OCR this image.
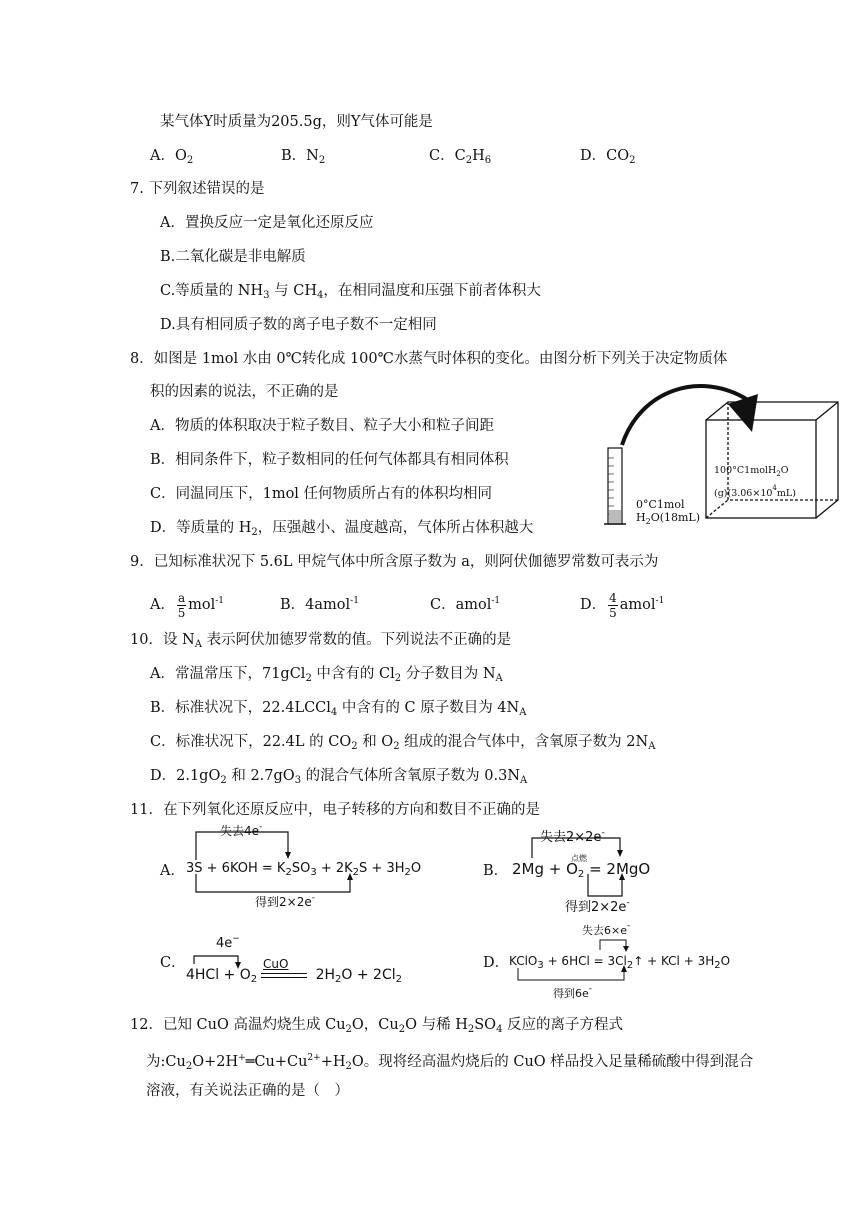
某气体Y时质量为205.5g，则Y气体可能是
A．$O_2$	B．$N_2$	C．$C_2H_6$	D．$CO_2$
7. 下列叙述错误的是
A．置换反应一定是氧化还原反应
B.二氧化碳是非电解质
C.等质量的 $NH_3$ 与 $CH_4$，在相同温度和压强下前者体积大
D.具有相同质子数的离子电子数不一定相同
8．如图是 1mol 水由 0℃转化成 100℃水蒸气时体积的变化。由图分析下列关于决定物质体
积的因素的说法，不正确的是
A．物质的体积取决于粒子数目、粒子大小和粒子间距
B．相同条件下，粒子数相同的任何气体都具有相同体积
C．同温同压下，1mol 任何物质所占有的体积均相同
D．等质量的 $H_2$，压强越小、温度越高，气体所占体积越大
0°C1mol
$H_2O(18mL)$
100°C1molH$_2$O
$(g)(3.06\times 10^4mL)$
9．已知标准状况下 5.6L 甲烷气体中所含原子数为 a，则阿伏伽德罗常数可表示为
A． $\frac{a}{5} mol^{-1}$	B．4amol$^{-1}$	C．amol$^{-1}$	D． $\frac{4}{5}$ amol$^{-1}$
10．设 $N_A$ 表示阿伏加德罗常数的值。下列说法不正确的是
A．常温常压下，71gCl$_2$ 中含有的 $Cl_2$ 分子数目为 $N_A$
B．标准状况下，22.4LCCl$_4$ 中含有的 C 原子数目为 $4N_A$
C．标准状况下，22.4L 的 $CO_2$ 和 $O_2$ 组成的混合气体中，含氧原子数为 $2N_A$
D．$2.1gO_2$ 和 $2.7gO_3$ 的混合气体所含氧原子数为 $0.3N_A$
11．在下列氧化还原反应中，电子转移的方向和数目不正确的是
A．
失去4e-
$3S + 6KOH = K_2SO_3 + 2K_2S + 3H_2O$
得到2×2e-
B．
失去2×2e-
点燃
$2Mg + O_2 = 2MgO$
得到2×2e-
C．
4e−
CuO
$4HCl + O_2$	$2H_2O + 2Cl_2$
D．
失去6×e-
KClO$_3$ + $6HCl = 3Cl_2↑$ + KCl + $3H_2O$
得到6e-
12．已知 CuO 高温灼烧生成 $Cu_2O$，$Cu_2O$ 与稀 $H_2SO_4$ 反应的离子方程式
为$:Cu_2O+2H^+═Cu+Cu^{2+}+H_2O$。现将经高温灼烧后的 CuO 样品投入足量稀硫酸中得到混合
溶液，有关说法正确的是（　）
